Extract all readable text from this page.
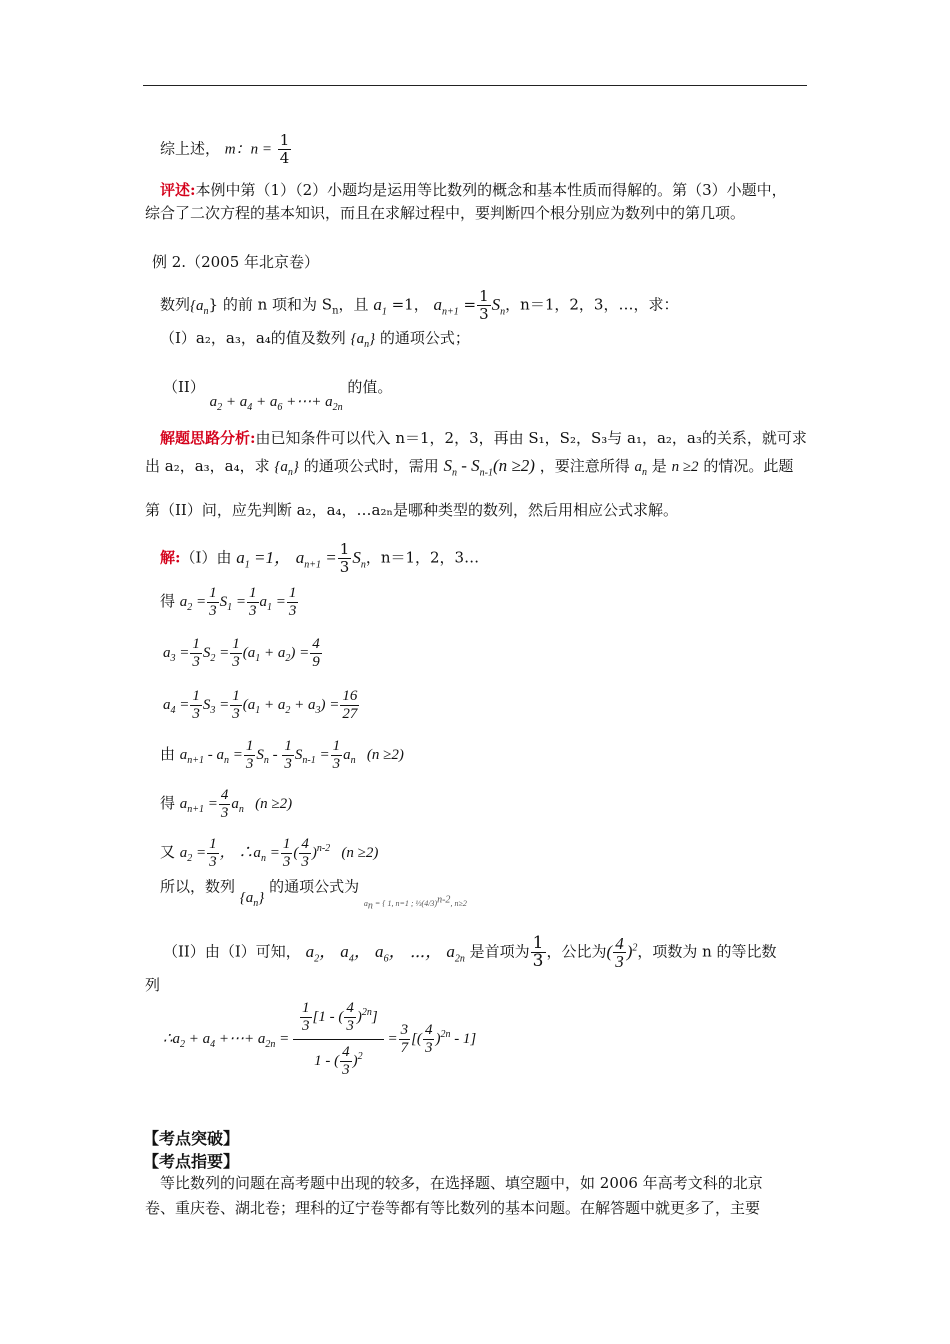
综上述， m：$n = \frac{1}{4}$
评述:本例中第（1）（2）小题均是运用等比数列的概念和基本性质而得解的。第（3）小题中，
综合了二次方程的基本知识，而且在求解过程中，要判断四个根分别应为数列中的第几项。
例 2.（2005 年北京卷）
数列$\{a_n\}$ 的前 n 项和为 $S_n$，且 $a_1 =1$， $a_{n+1} = \frac{1}{3} S_n$，n＝1，2，3，…，求：
（I）a₂，a₃，a₄的值及数列 $\{a_n\}$ 的通项公式；
（II） $a_2 + a_4 + a_6$ +⋯+ $a_{2n}$ 的值。
解题思路分析:由已知条件可以代入 n＝1，2，3，再由 S₁，S₂，S₃与 a₁，a₂，a₃的关系，就可求
出 a₂，a₃，a₄，求 $\{a_n\}$ 的通项公式时，需用 $S_n - S_{n-1}(n \ge 2)$ ，要注意所得 $a_n$ 是 n ≥2 的情况。此题
第（II）问，应先判断 a₂，a₄，…a₂ₙ是哪种类型的数列，然后用相应公式求解。
解:（I）由 $a_1 =1$， $a_{n+1} = \frac{1}{3} S_n$，n＝1，2，3…
得 $a_2 = \frac{1}{3} S_1 = \frac{1}{3} a_1 = \frac{1}{3}$
$a_3 = \frac{1}{3} S_2 = \frac{1}{3} (a_1 + a_2) = \frac{4}{9}$
$a_4 = \frac{1}{3} S_3 = \frac{1}{3} (a_1 + a_2 + a_3) = \frac{16}{27}$
由 $a_{n+1} - a_n = \frac{1}{3} S_n - \frac{1}{3} S_{n-1} = \frac{1}{3} a_n$   (n ≥2)
得 $a_{n+1} = \frac{4}{3} a_n$   (n ≥2)
又 $a_2 = \frac{1}{3}$ ， $\therefore a_n = \frac{1}{3}$ ( $\frac{4}{3} )^{n-2}$   (n ≥2)
所以，数列 $\{a_n\}$ 的通项公式为 $_{a_n = \{ 1, n=1 ; \frac{1}{3}(4/3)^{n-2}, n\ge 2}$
（II）由（I）可知， $a_2$， $a_4$， $a_6$， ⋯， $a_{2n}$ 是首项为 $\frac{1}{3}$ ，公比为( $\frac{4}{3} )^2$，项数为 n 的等比数
列
$\therefore a_2 + a_4$ +⋯+ $a_{2n} = \frac{\frac{1}{3} [1 - ( \frac{4}{3} )^{2n}]}{1 - ( \frac{4}{3} )^2} = \frac{3}{7}$ [( $\frac{4}{3} )^{2n} - 1$]
【考点突破】
【考点指要】
等比数列的问题在高考题中出现的较多，在选择题、填空题中，如 2006 年高考文科的北京
卷、重庆卷、湖北卷；理科的辽宁卷等都有等比数列的基本问题。在解答题中就更多了，主要
